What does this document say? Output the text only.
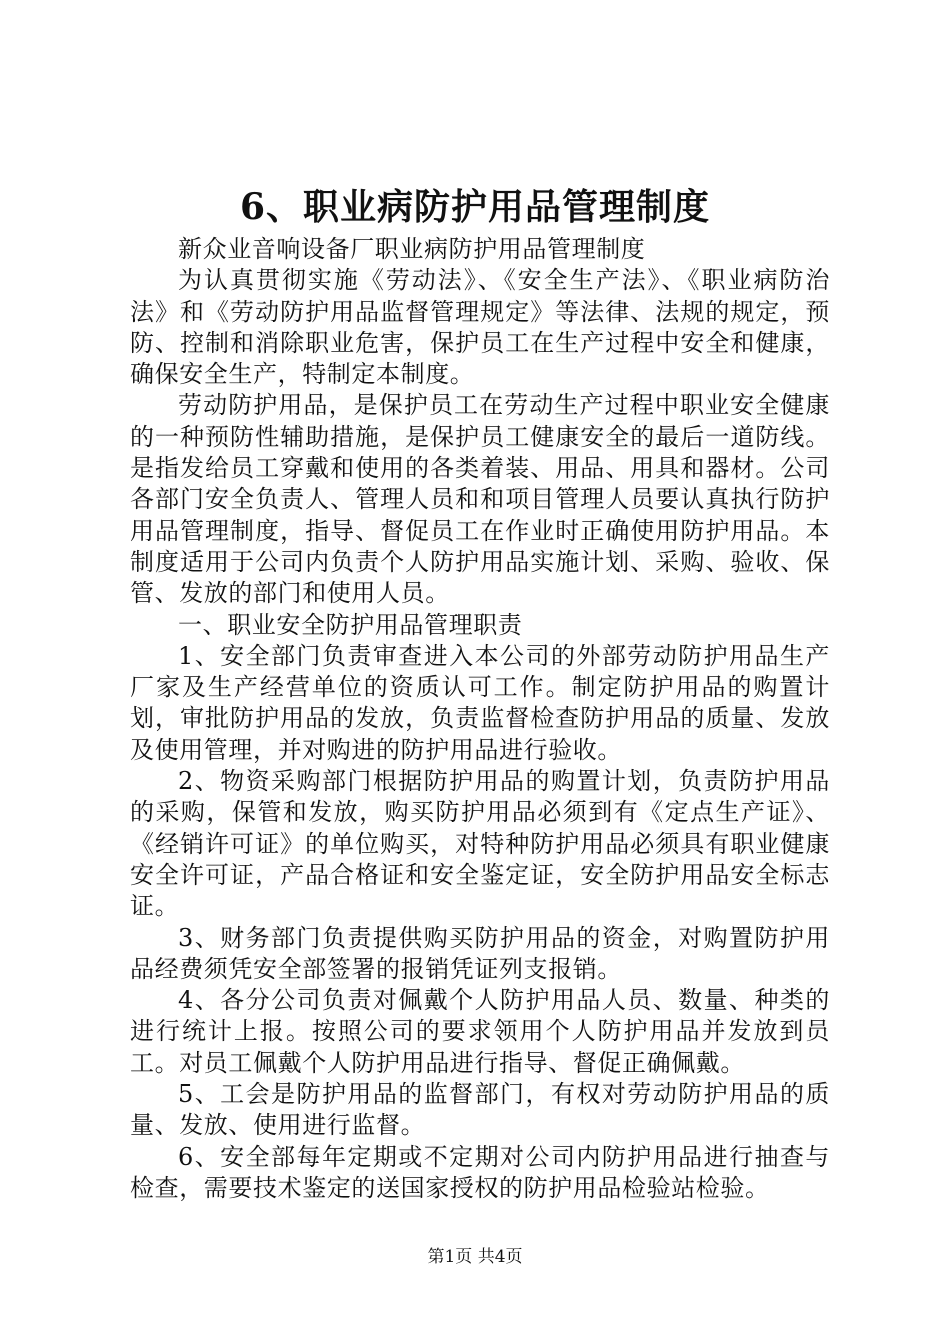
6、职业病防护用品管理制度

新众业音响设备厂职业病防护用品管理制度

为认真贯彻实施《劳动法》、《安全生产法》、《职业病防治法》和《劳动防护用品监督管理规定》等法律、法规的规定，预防、控制和消除职业危害，保护员工在生产过程中安全和健康，确保安全生产，特制定本制度。

劳动防护用品，是保护员工在劳动生产过程中职业安全健康的一种预防性辅助措施，是保护员工健康安全的最后一道防线。是指发给员工穿戴和使用的各类着装、用品、用具和器材。公司各部门安全负责人、管理人员和和项目管理人员要认真执行防护用品管理制度，指导、督促员工在作业时正确使用防护用品。本制度适用于公司内负责个人防护用品实施计划、采购、验收、保管、发放的部门和使用人员。

一、职业安全防护用品管理职责

1、安全部门负责审查进入本公司的外部劳动防护用品生产厂家及生产经营单位的资质认可工作。制定防护用品的购置计划，审批防护用品的发放，负责监督检查防护用品的质量、发放及使用管理，并对购进的防护用品进行验收。

2、物资采购部门根据防护用品的购置计划，负责防护用品的采购，保管和发放，购买防护用品必须到有《定点生产证》、《经销许可证》的单位购买，对特种防护用品必须具有职业健康安全许可证，产品合格证和安全鉴定证，安全防护用品安全标志证。

3、财务部门负责提供购买防护用品的资金，对购置防护用品经费须凭安全部签署的报销凭证列支报销。

4、各分公司负责对佩戴个人防护用品人员、数量、种类的进行统计上报。按照公司的要求领用个人防护用品并发放到员工。对员工佩戴个人防护用品进行指导、督促正确佩戴。

5、工会是防护用品的监督部门，有权对劳动防护用品的质量、发放、使用进行监督。

6、安全部每年定期或不定期对公司内防护用品进行抽查与检查，需要技术鉴定的送国家授权的防护用品检验站检验。

第1页 共4页
